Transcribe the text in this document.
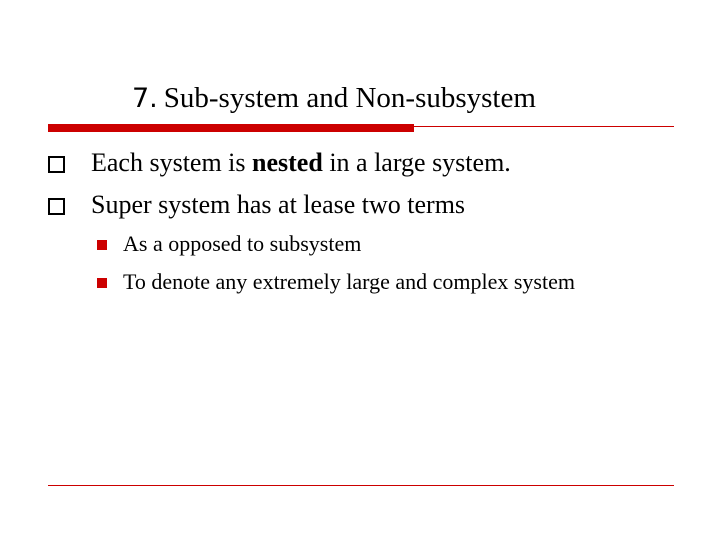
7. Sub-system and Non-subsystem
Each system is nested in a large system.
Super system has at lease two terms
As a opposed to subsystem
To denote any extremely large and complex system
